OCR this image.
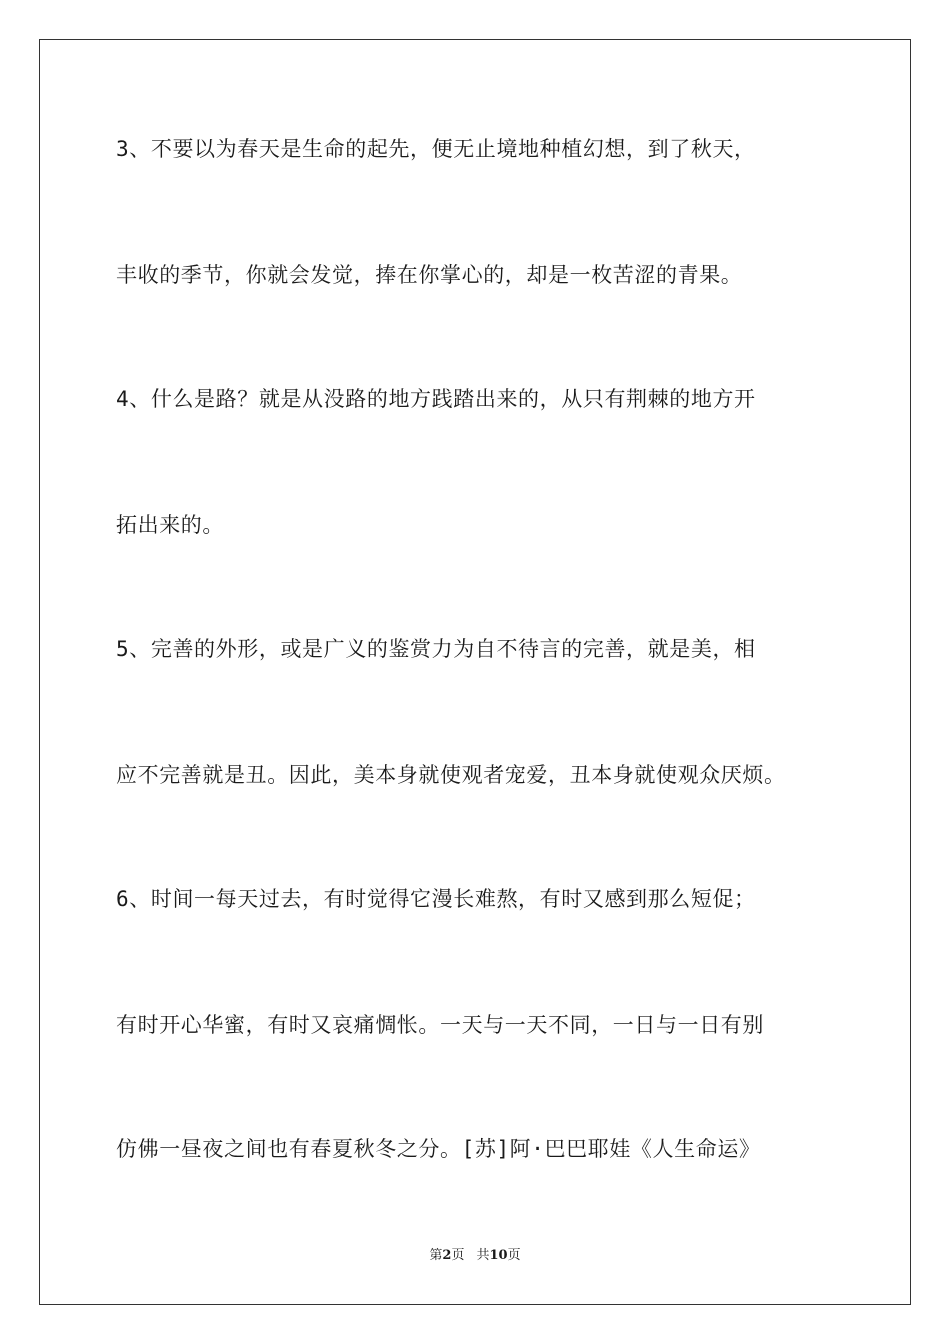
3、不要以为春天是生命的起先，便无止境地种植幻想，到了秋天，
丰收的季节，你就会发觉，捧在你掌心的，却是一枚苦涩的青果。
4、什么是路？就是从没路的地方践踏出来的，从只有荆棘的地方开
拓出来的。
5、完善的外形，或是广义的鉴赏力为自不待言的完善，就是美，相
应不完善就是丑。因此，美本身就使观者宠爱，丑本身就使观众厌烦。
6、时间一每天过去，有时觉得它漫长难熬，有时又感到那么短促；
有时开心华蜜，有时又哀痛惆怅。一天与一天不同，一日与一日有别
仿佛一昼夜之间也有春夏秋冬之分。[苏]阿·巴巴耶娃《人生命运》
第2页 共10页
